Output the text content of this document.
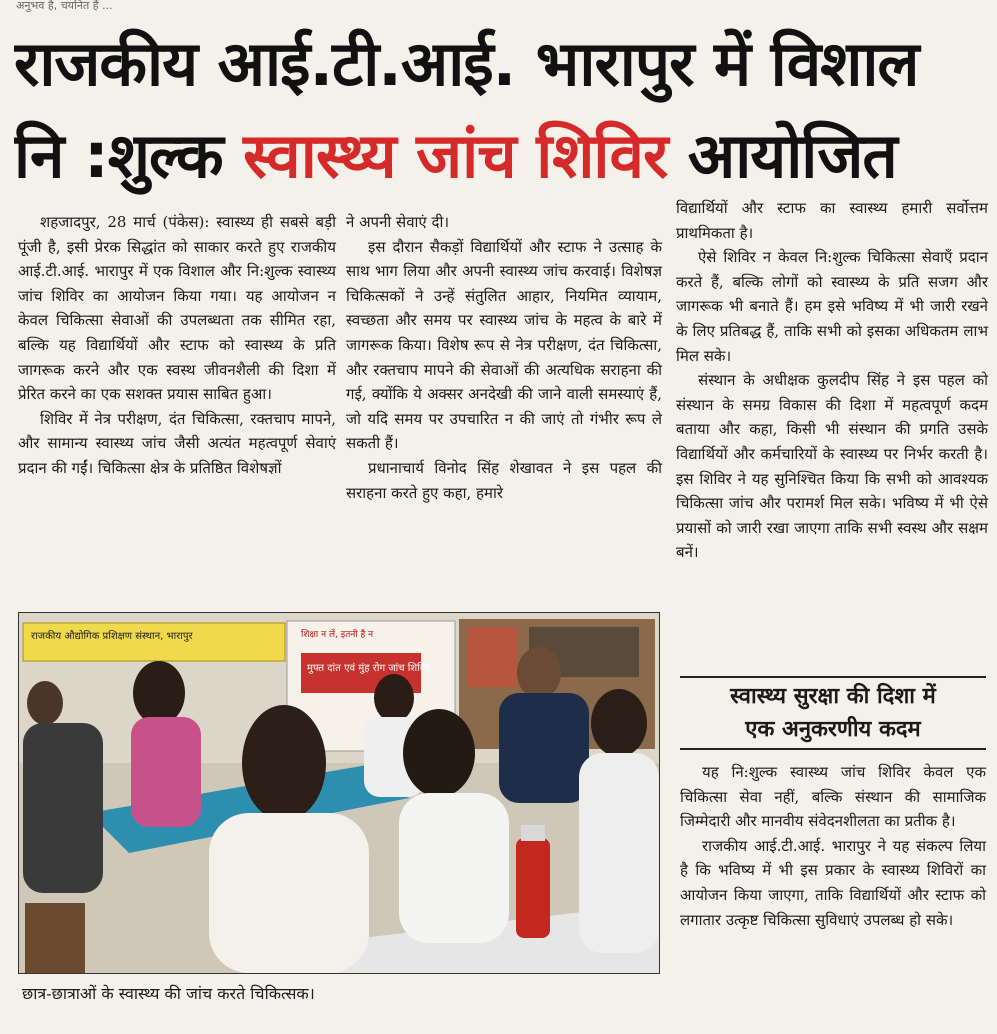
अनुभव है, चयनित हैं ...
राजकीय आई.टी.आई. भारापुर में विशाल
नि :शुल्क स्वास्थ्य जांच शिविर आयोजित

शहजादपुर, 28 मार्च (पंकेस): स्वास्थ्य ही सबसे बड़ी पूंजी है, इसी प्रेरक सिद्धांत को साकार करते हुए राजकीय आई.टी.आई. भारापुर में एक विशाल और नि:शुल्क स्वास्थ्य जांच शिविर का आयोजन किया गया। यह आयोजन न केवल चिकित्सा सेवाओं की उपलब्धता तक सीमित रहा, बल्कि यह विद्यार्थियों और स्टाफ को स्वास्थ्य के प्रति जागरूक करने और एक स्वस्थ जीवनशैली की दिशा में प्रेरित करने का एक सशक्त प्रयास साबित हुआ।

शिविर में नेत्र परीक्षण, दंत चिकित्सा, रक्तचाप मापने, और सामान्य स्वास्थ्य जांच जैसी अत्यंत महत्वपूर्ण सेवाएं प्रदान की गईं। चिकित्सा क्षेत्र के प्रतिष्ठित विशेषज्ञों

ने अपनी सेवाएं दी।

इस दौरान सैकड़ों विद्यार्थियों और स्टाफ ने उत्साह के साथ भाग लिया और अपनी स्वास्थ्य जांच करवाई। विशेषज्ञ चिकित्सकों ने उन्हें संतुलित आहार, नियमित व्यायाम, स्वच्छता और समय पर स्वास्थ्य जांच के महत्व के बारे में जागरूक किया। विशेष रूप से नेत्र परीक्षण, दंत चिकित्सा, और रक्तचाप मापने की सेवाओं की अत्यधिक सराहना की गई, क्योंकि ये अक्सर अनदेखी की जाने वाली समस्याएं हैं, जो यदि समय पर उपचारित न की जाएं तो गंभीर रूप ले सकती हैं।

प्रधानाचार्य विनोद सिंह शेखावत ने इस पहल की सराहना करते हुए कहा, हमारे

विद्यार्थियों और स्टाफ का स्वास्थ्य हमारी सर्वोत्तम प्राथमिकता है।

ऐसे शिविर न केवल नि:शुल्क चिकित्सा सेवाएँ प्रदान करते हैं, बल्कि लोगों को स्वास्थ्य के प्रति सजग और जागरूक भी बनाते हैं। हम इसे भविष्य में भी जारी रखने के लिए प्रतिबद्ध हैं, ताकि सभी को इसका अधिकतम लाभ मिल सके।

संस्थान के अधीक्षक कुलदीप सिंह ने इस पहल को संस्थान के समग्र विकास की दिशा में महत्वपूर्ण कदम बताया और कहा, किसी भी संस्थान की प्रगति उसके विद्यार्थियों और कर्मचारियों के स्वास्थ्य पर निर्भर करती है। इस शिविर ने यह सुनिश्चित किया कि सभी को आवश्यक चिकित्सा जांच और परामर्श मिल सके। भविष्य में भी ऐसे प्रयासों को जारी रखा जाएगा ताकि सभी स्वस्थ और सक्षम बनें।

स्वास्थ्य सुरक्षा की दिशा में
एक अनुकरणीय कदम

यह नि:शुल्क स्वास्थ्य जांच शिविर केवल एक चिकित्सा सेवा नहीं, बल्कि संस्थान की सामाजिक जिम्मेदारी और मानवीय संवेदनशीलता का प्रतीक है।

राजकीय आई.टी.आई. भारापुर ने यह संकल्प लिया है कि भविष्य में भी इस प्रकार के स्वास्थ्य शिविरों का आयोजन किया जाएगा, ताकि विद्यार्थियों और स्टाफ को लगातार उत्कृष्ट चिकित्सा सुविधाएं उपलब्ध हो सके।

राजकीय औद्योगिक प्रशिक्षण संस्थान, भारापुर	शिक्षा न लें, इतनी है न
मुफ्त दांत एवं मुंह रोग जांच शिविर
छात्र-छात्राओं के स्वास्थ्य की जांच करते चिकित्सक।
